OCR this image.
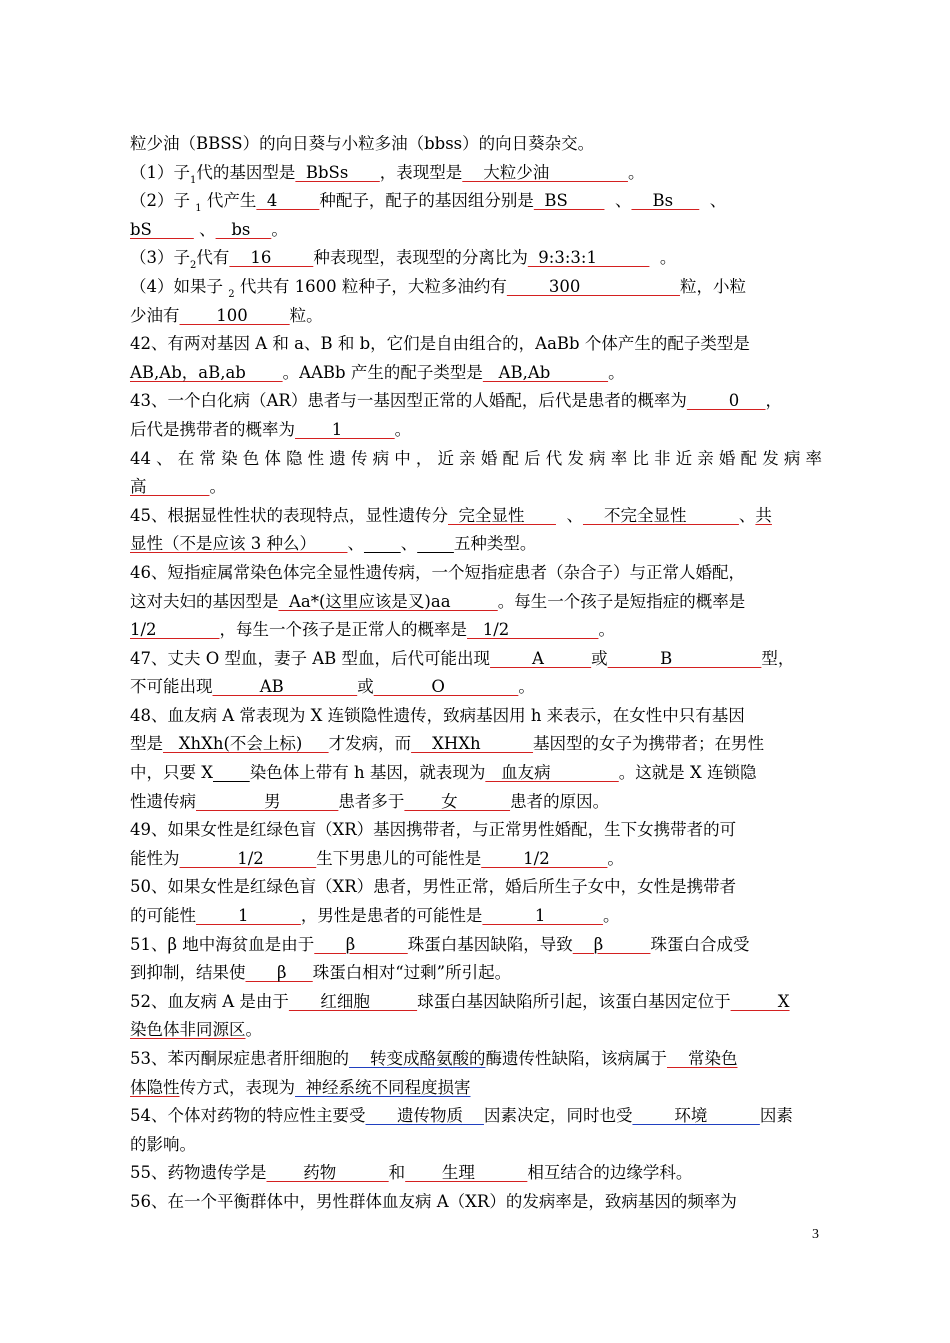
粒少油（BBSS）的向日葵与小粒多油（bbss）的向日葵杂交。
（1）子$_1$代的基因型是  BbSs      ，表现型是    大粒少油               。
（2）子 $_1$ 代产生  4        种配子，配子的基因组分别是  BS         、    Bs       、
bS         、   bs    。
（3）子$_2$代有    16        种表现型，表现型的分离比为  9:3:3:1            。
（4）如果子 $_2$ 代共有 1600 粒种子，大粒多油约有        300                   粒，小粒
少油有       100        粒。
42、有两对基因 A 和 a、B 和 b，它们是自由组合的，AaBb 个体产生的配子类型是
AB,Ab，aB,ab       。AABb 产生的配子类型是   AB,Ab           。
43、一个白化病（AR）患者与一基因型正常的人婚配，后代是患者的概率为        0     ，
后代是携带者的概率为       1          。
44、在常染色体隐性遗传病中，近亲婚配后代发病率比非近亲婚配发病率
高            。
45、根据显性性状的表现特点，显性遗传分  完全显性        、    不完全显性          、共
显性（不是应该 3 种么）      、 、 五种类型。
46、短指症属常染色体完全显性遗传病，一个短指症患者（杂合子）与正常人婚配，
这对夫妇的基因型是  Aa*(这里应该是叉)aa         。每生一个孩子是短指症的概率是
1/2            ，每生一个孩子是正常人的概率是   1/2                 。
47、丈夫 O 型血，妻子 AB 型血，后代可能出现        A         或          B                 型，
不可能出现         AB              或           O              。
48、血友病 A 常表现为 X 连锁隐性遗传，致病基因用 h 来表示，在女性中只有基因
型是   XhXh(不会上标)     才发病，而    XHXh          基因型的女子为携带者；在男性
中，只要 X 染色体上带有 h 基因，就表现为   血友病             。这就是 X 连锁隐
性遗传病             男           患者多于       女          患者的原因。
49、如果女性是红绿色盲（XR）基因携带者，与正常男性婚配，生下女携带者的可
能性为           1/2          生下男患儿的可能性是        1/2           。
50、如果女性是红绿色盲（XR）患者，男性正常，婚后所生子女中，女性是携带者
的可能性        1          ，男性是患者的可能性是          1           。
51、β 地中海贫血是由于      β          珠蛋白基因缺陷，导致    β         珠蛋白合成受
到抑制，结果使      β     珠蛋白相对“过剩”所引起。
52、血友病 A 是由于      红细胞         球蛋白基因缺陷所引起，该蛋白基因定位于         X
染色体非同源区。
53、苯丙酮尿症患者肝细胞的    转变成酪氨酸的酶遗传性缺陷，该病属于    常染色
体隐性传方式，表现为  神经系统不同程度损害
54、个体对药物的特应性主要受      遗传物质    因素决定，同时也受        环境          因素
的影响。
55、药物遗传学是       药物          和       生理          相互结合的边缘学科。
56、在一个平衡群体中，男性群体血友病 A（XR）的发病率是，致病基因的频率为
3
